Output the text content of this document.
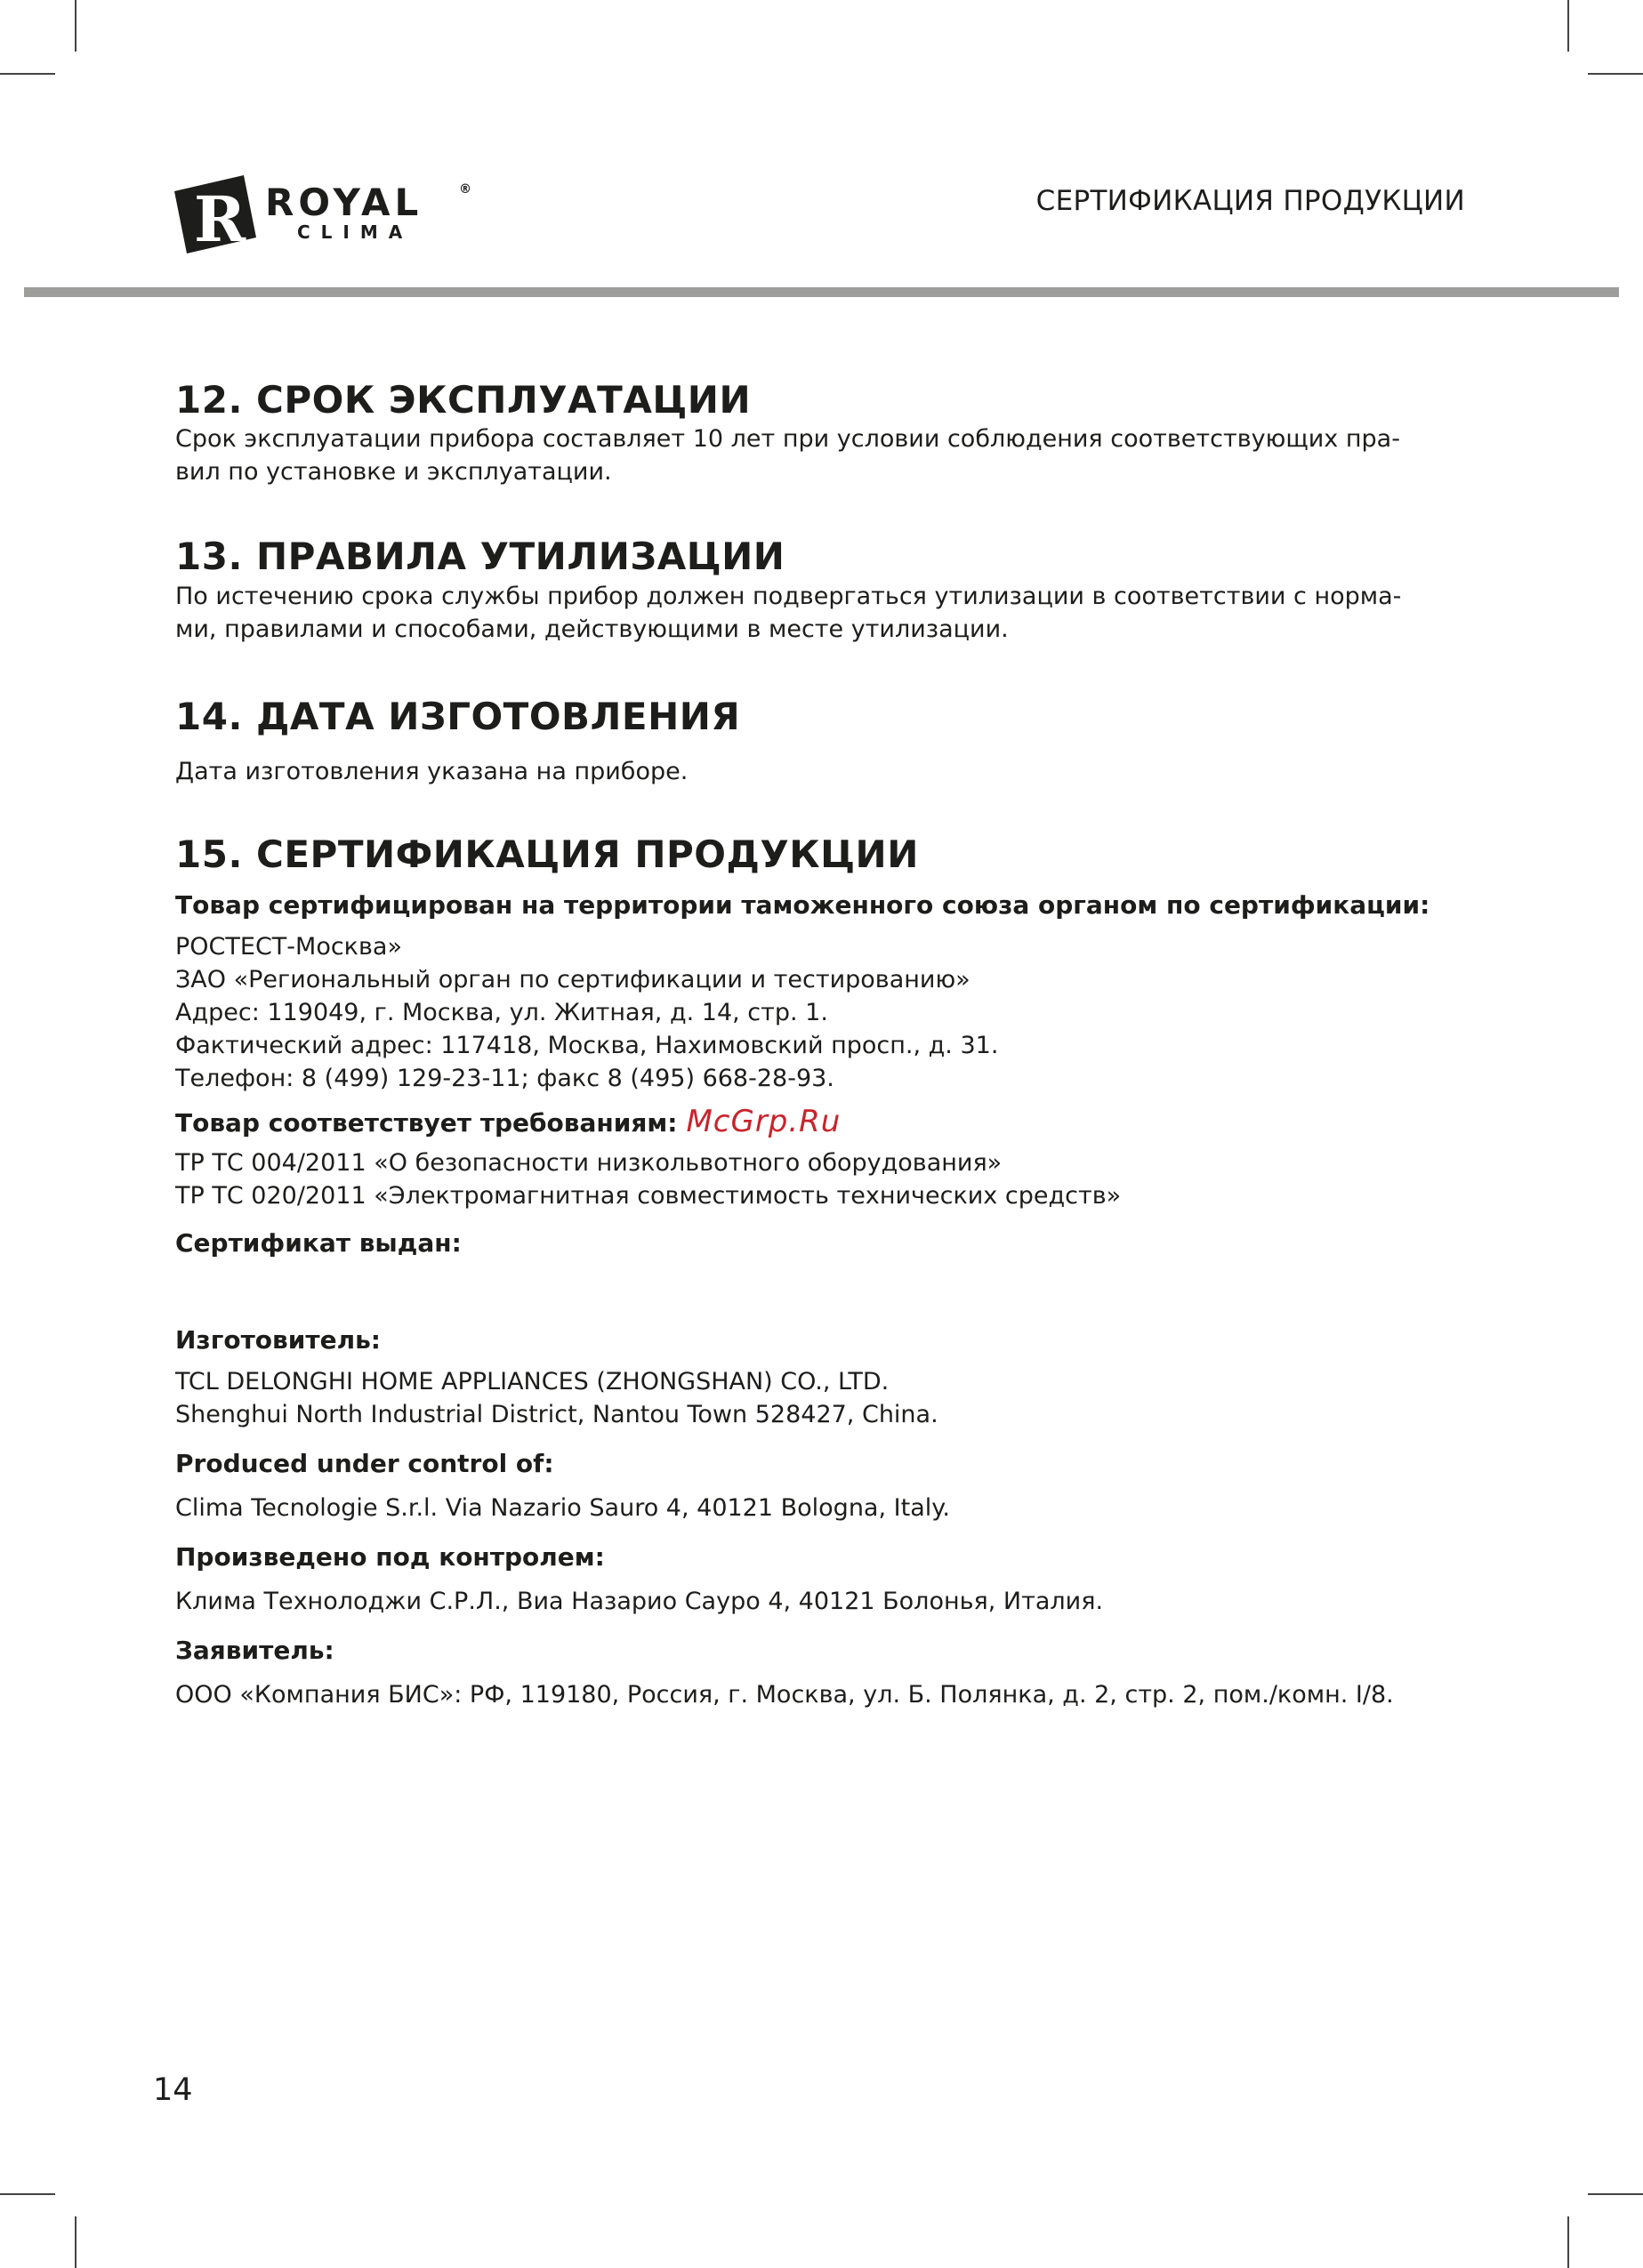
R ROYAL	®
CLIMA
СЕРТИФИКАЦИЯ ПРОДУКЦИИ
12. СРОК ЭКСПЛУАТАЦИИ

Срок эксплуатации прибора составляет 10 лет при условии соблюдения соответствующих пра-

вил по установке и эксплуатации.

13. ПРАВИЛА УТИЛИЗАЦИИ

По истечению срока службы прибор должен подвергаться утилизации в соответствии с норма-

ми, правилами и способами, действующими в месте утилизации.

14. ДАТА ИЗГОТОВЛЕНИЯ

Дата изготовления указана на приборе.

15. СЕРТИФИКАЦИЯ ПРОДУКЦИИ

Товар сертифицирован на территории таможенного союза органом по сертификации:

РОСТЕСТ-Москва»

ЗАО «Региональный орган по сертификации и тестированию»

Адрес: 119049, г. Москва, ул. Житная, д. 14, стр. 1.

Фактический адрес: 117418, Москва, Нахимовский просп., д. 31.

Телефон: 8 (499) 129-23-11; факс 8 (495) 668-28-93.

Товар соответствует требованиям: McGrp.Ru

ТР ТС 004/2011 «О безопасности низкольвотного оборудования»

ТР ТС 020/2011 «Электромагнитная совместимость технических средств»

Сертификат выдан:

Изготовитель:

TCL DELONGHI HOME APPLIANCES (ZHONGSHAN) CO., LTD.

Shenghui North Industrial District, Nantou Town 528427, China.

Produced under control of:

Clima Tecnologie S.r.l. Via Nazario Sauro 4, 40121 Bologna, Italy.

Произведено под контролем:

Клима Технолоджи С.Р.Л., Виа Назарио Сауро 4, 40121 Болонья, Италия.

Заявитель:

ООО «Компания БИС»: РФ, 119180, Россия, г. Москва, ул. Б. Полянка, д. 2, стр. 2, пом./комн. I/8.

14
